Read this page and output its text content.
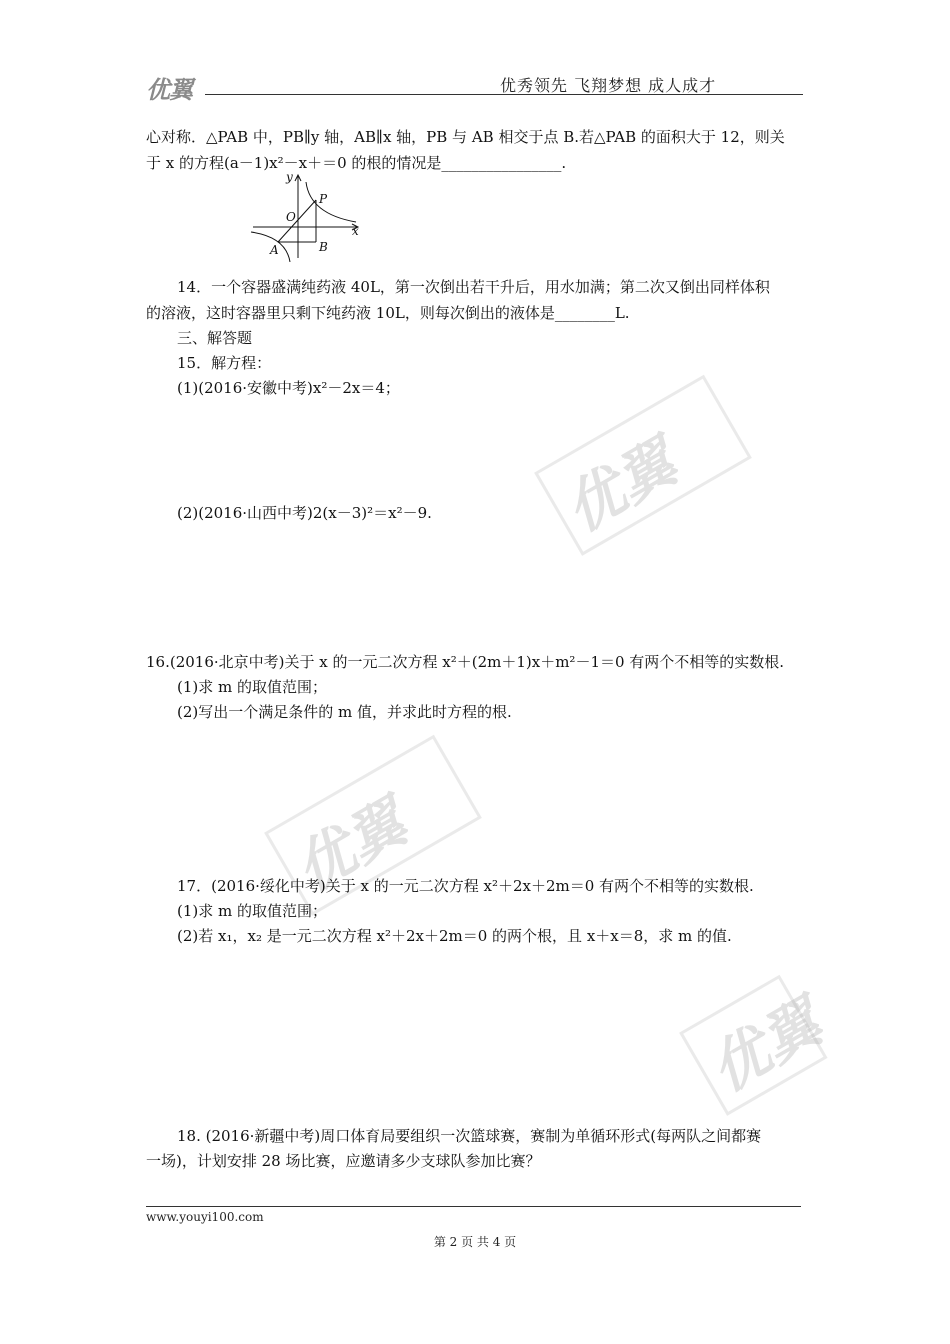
优翼	优秀领先 飞翔梦想 成人成才
优翼
优翼
优翼
心对称．△PAB 中，PB∥y 轴，AB∥x 轴，PB 与 AB 相交于点 B.若△PAB 的面积大于 12，则关
于 x 的方程(a－1)x²－x＋＝0 的根的情况是________________.
y
x
O
P
A	B
14．一个容器盛满纯药液 40L，第一次倒出若干升后，用水加满；第二次又倒出同样体积
的溶液，这时容器里只剩下纯药液 10L，则每次倒出的液体是________L.
三、解答题
15．解方程：
(1)(2016·安徽中考)x²－2x＝4；
(2)(2016·山西中考)2(x－3)²＝x²－9.
16.(2016·北京中考)关于 x 的一元二次方程 x²＋(2m＋1)x＋m²－1＝0 有两个不相等的实数根.
(1)求 m 的取值范围；
(2)写出一个满足条件的 m 值，并求此时方程的根.
17．(2016·绥化中考)关于 x 的一元二次方程 x²＋2x＋2m＝0 有两个不相等的实数根.
(1)求 m 的取值范围；
(2)若 x₁，x₂ 是一元二次方程 x²＋2x＋2m＝0 的两个根，且 x＋x＝8，求 m 的值.
18. (2016·新疆中考)周口体育局要组织一次篮球赛，赛制为单循环形式(每两队之间都赛
一场)，计划安排 28 场比赛，应邀请多少支球队参加比赛？
www.youyi100.com
第 2 页 共 4 页
